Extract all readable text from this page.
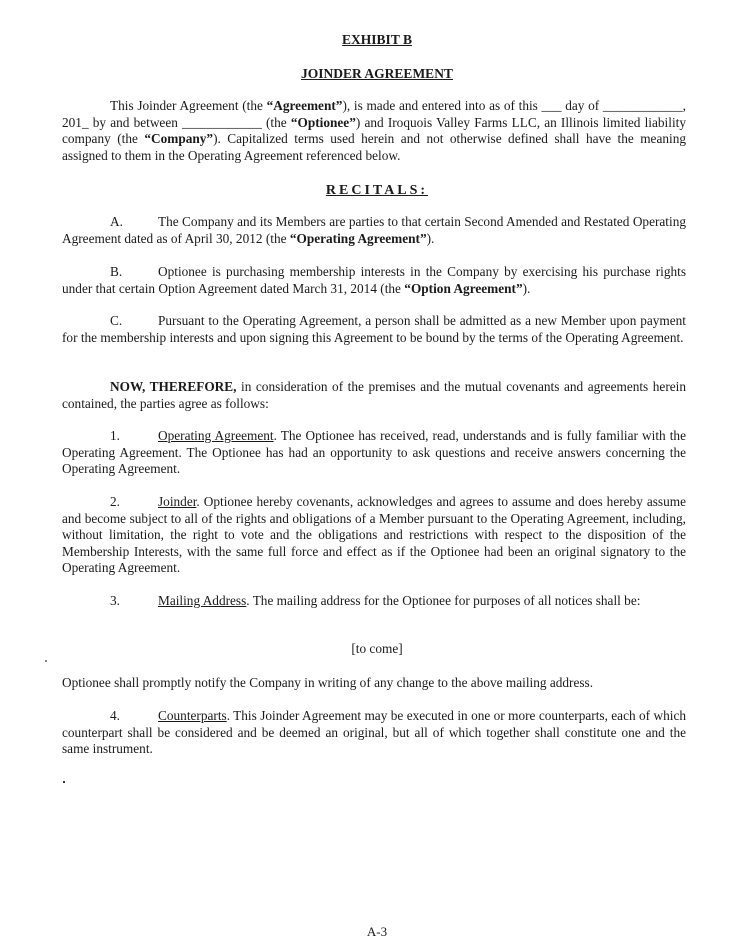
EXHIBIT B
JOINDER AGREEMENT
This Joinder Agreement (the “Agreement”), is made and entered into as of this ___ day of ____________, 201_ by and between ____________ (the “Optionee”) and Iroquois Valley Farms LLC, an Illinois limited liability company (the “Company”). Capitalized terms used herein and not otherwise defined shall have the meaning assigned to them in the Operating Agreement referenced below.
RECITALS:
A.	The Company and its Members are parties to that certain Second Amended and Restated Operating Agreement dated as of April 30, 2012 (the “Operating Agreement”).
B.	Optionee is purchasing membership interests in the Company by exercising his purchase rights under that certain Option Agreement dated March 31, 2014 (the “Option Agreement”).
C.	Pursuant to the Operating Agreement, a person shall be admitted as a new Member upon payment for the membership interests and upon signing this Agreement to be bound by the terms of the Operating Agreement.
NOW, THEREFORE, in consideration of the premises and the mutual covenants and agreements herein contained, the parties agree as follows:
1.	Operating Agreement. The Optionee has received, read, understands and is fully familiar with the Operating Agreement. The Optionee has had an opportunity to ask questions and receive answers concerning the Operating Agreement.
2.	Joinder. Optionee hereby covenants, acknowledges and agrees to assume and does hereby assume and become subject to all of the rights and obligations of a Member pursuant to the Operating Agreement, including, without limitation, the right to vote and the obligations and restrictions with respect to the disposition of the Membership Interests, with the same full force and effect as if the Optionee had been an original signatory to the Operating Agreement.
3.	Mailing Address. The mailing address for the Optionee for purposes of all notices shall be:
[to come]
Optionee shall promptly notify the Company in writing of any change to the above mailing address.
4.	Counterparts. This Joinder Agreement may be executed in one or more counterparts, each of which counterpart shall be considered and be deemed an original, but all of which together shall constitute one and the same instrument.
A-3
